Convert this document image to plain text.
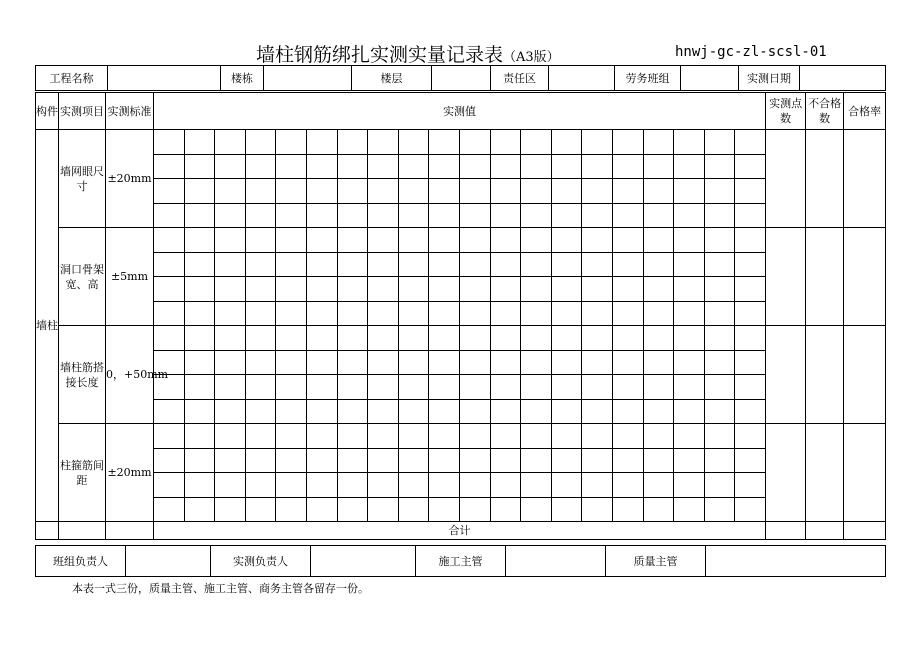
墙柱钢筋绑扎实测实量记录表（A3版）	hnwj-gc-zl-scsl-01
工程名称		楼栋		楼层		责任区		劳务班组		实测日期	
构件	实测项目	实测标准	实测值																				实测点数	不合格数	合格率
墙柱	墙网眼尺寸	±20mm																							

	洞口骨架宽、高	±5mm																							

	墙柱筋搭接长度	0，+50mm																							

	柱箍筋间距	±20mm																							

			合计																						
班组负责人		实测负责人		施工主管		质量主管	
本表一式三份，质量主管、施工主管、商务主管各留存一份。
